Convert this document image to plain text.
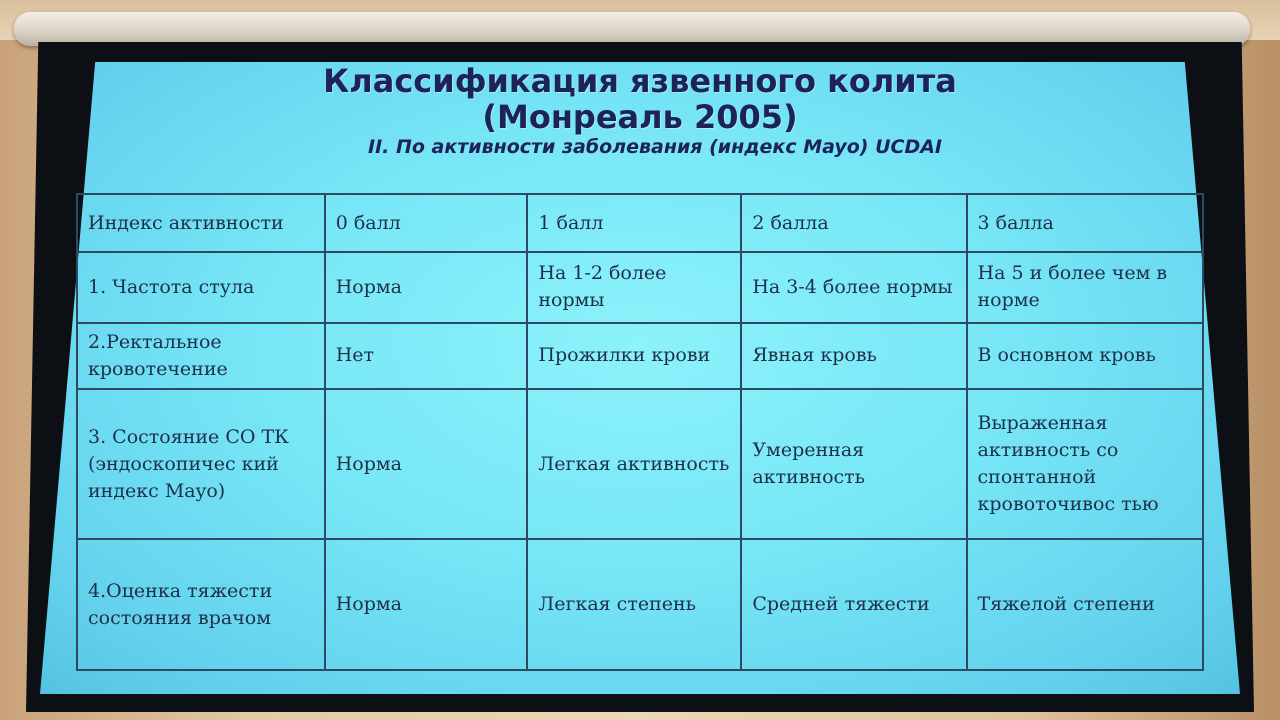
Классификация язвенного колита
(Монреаль 2005)
II. По активности заболевания (индекс Mayo) UCDAI
Индекс активности	0 балл	1 балл	2 балла	3 балла
1. Частота стула	Норма	На 1-2 более нормы	На 3-4 более нормы	На 5 и более чем в норме
2.Ректальное кровотечение	Нет	Прожилки крови	Явная кровь	В основном кровь
3. Состояние СО ТК (эндоскопичес кий индекс Mayo)	Норма	Легкая активность	Умеренная активность	Выраженная активность со спонтанной кровоточивос тью
4.Оценка тяжести состояния врачом	Норма	Легкая степень	Средней тяжести	Тяжелой степени
